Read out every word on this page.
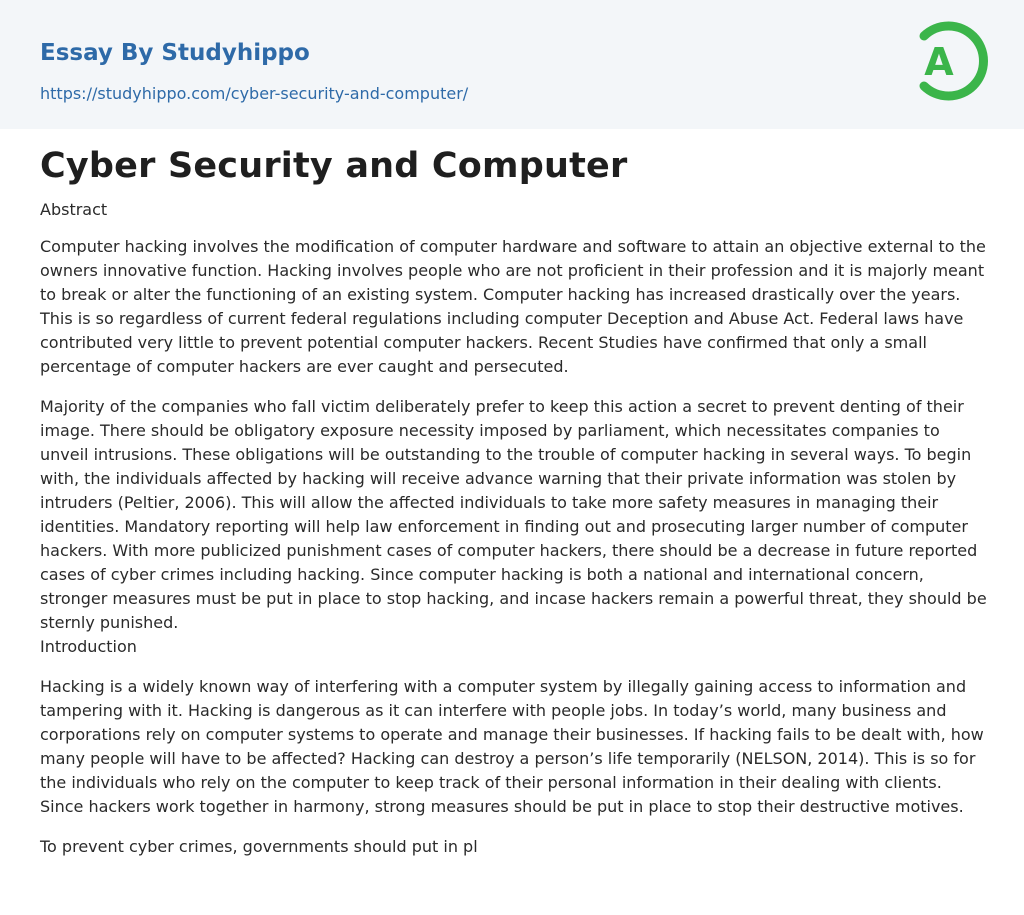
Essay By Studyhippo
https://studyhippo.com/cyber-security-and-computer/
A
Cyber Security and Computer

Abstract

Computer hacking involves the modification of computer hardware and software to attain an objective external to the owners innovative function. Hacking involves people who are not proficient in their profession and it is majorly meant to break or alter the functioning of an existing system. Computer hacking has increased drastically over the years. This is so regardless of current federal regulations including computer Deception and Abuse Act. Federal laws have contributed very little to prevent potential computer hackers. Recent Studies have confirmed that only a small percentage of computer hackers are ever caught and persecuted.

Majority of the companies who fall victim deliberately prefer to keep this action a secret to prevent denting of their image. There should be obligatory exposure necessity imposed by parliament, which necessitates companies to unveil intrusions. These obligations will be outstanding to the trouble of computer hacking in several ways. To begin with, the individuals affected by hacking will receive advance warning that their private information was stolen by intruders (Peltier, 2006). This will allow the affected individuals to take more safety measures in managing their identities. Mandatory reporting will help law enforcement in finding out and prosecuting larger number of computer hackers. With more publicized punishment cases of computer hackers, there should be a decrease in future reported cases of cyber crimes including hacking. Since computer hacking is both a national and international concern, stronger measures must be put in place to stop hacking, and incase hackers remain a powerful threat, they should be sternly punished.

Introduction

Hacking is a widely known way of interfering with a computer system by illegally gaining access to information and tampering with it. Hacking is dangerous as it can interfere with people jobs. In today’s world, many business and corporations rely on computer systems to operate and manage their businesses. If hacking fails to be dealt with, how many people will have to be affected? Hacking can destroy a person’s life temporarily (NELSON, 2014). This is so for the individuals who rely on the computer to keep track of their personal information in their dealing with clients. Since hackers work together in harmony, strong measures should be put in place to stop their destructive motives.

To prevent cyber crimes, governments should put in pl
